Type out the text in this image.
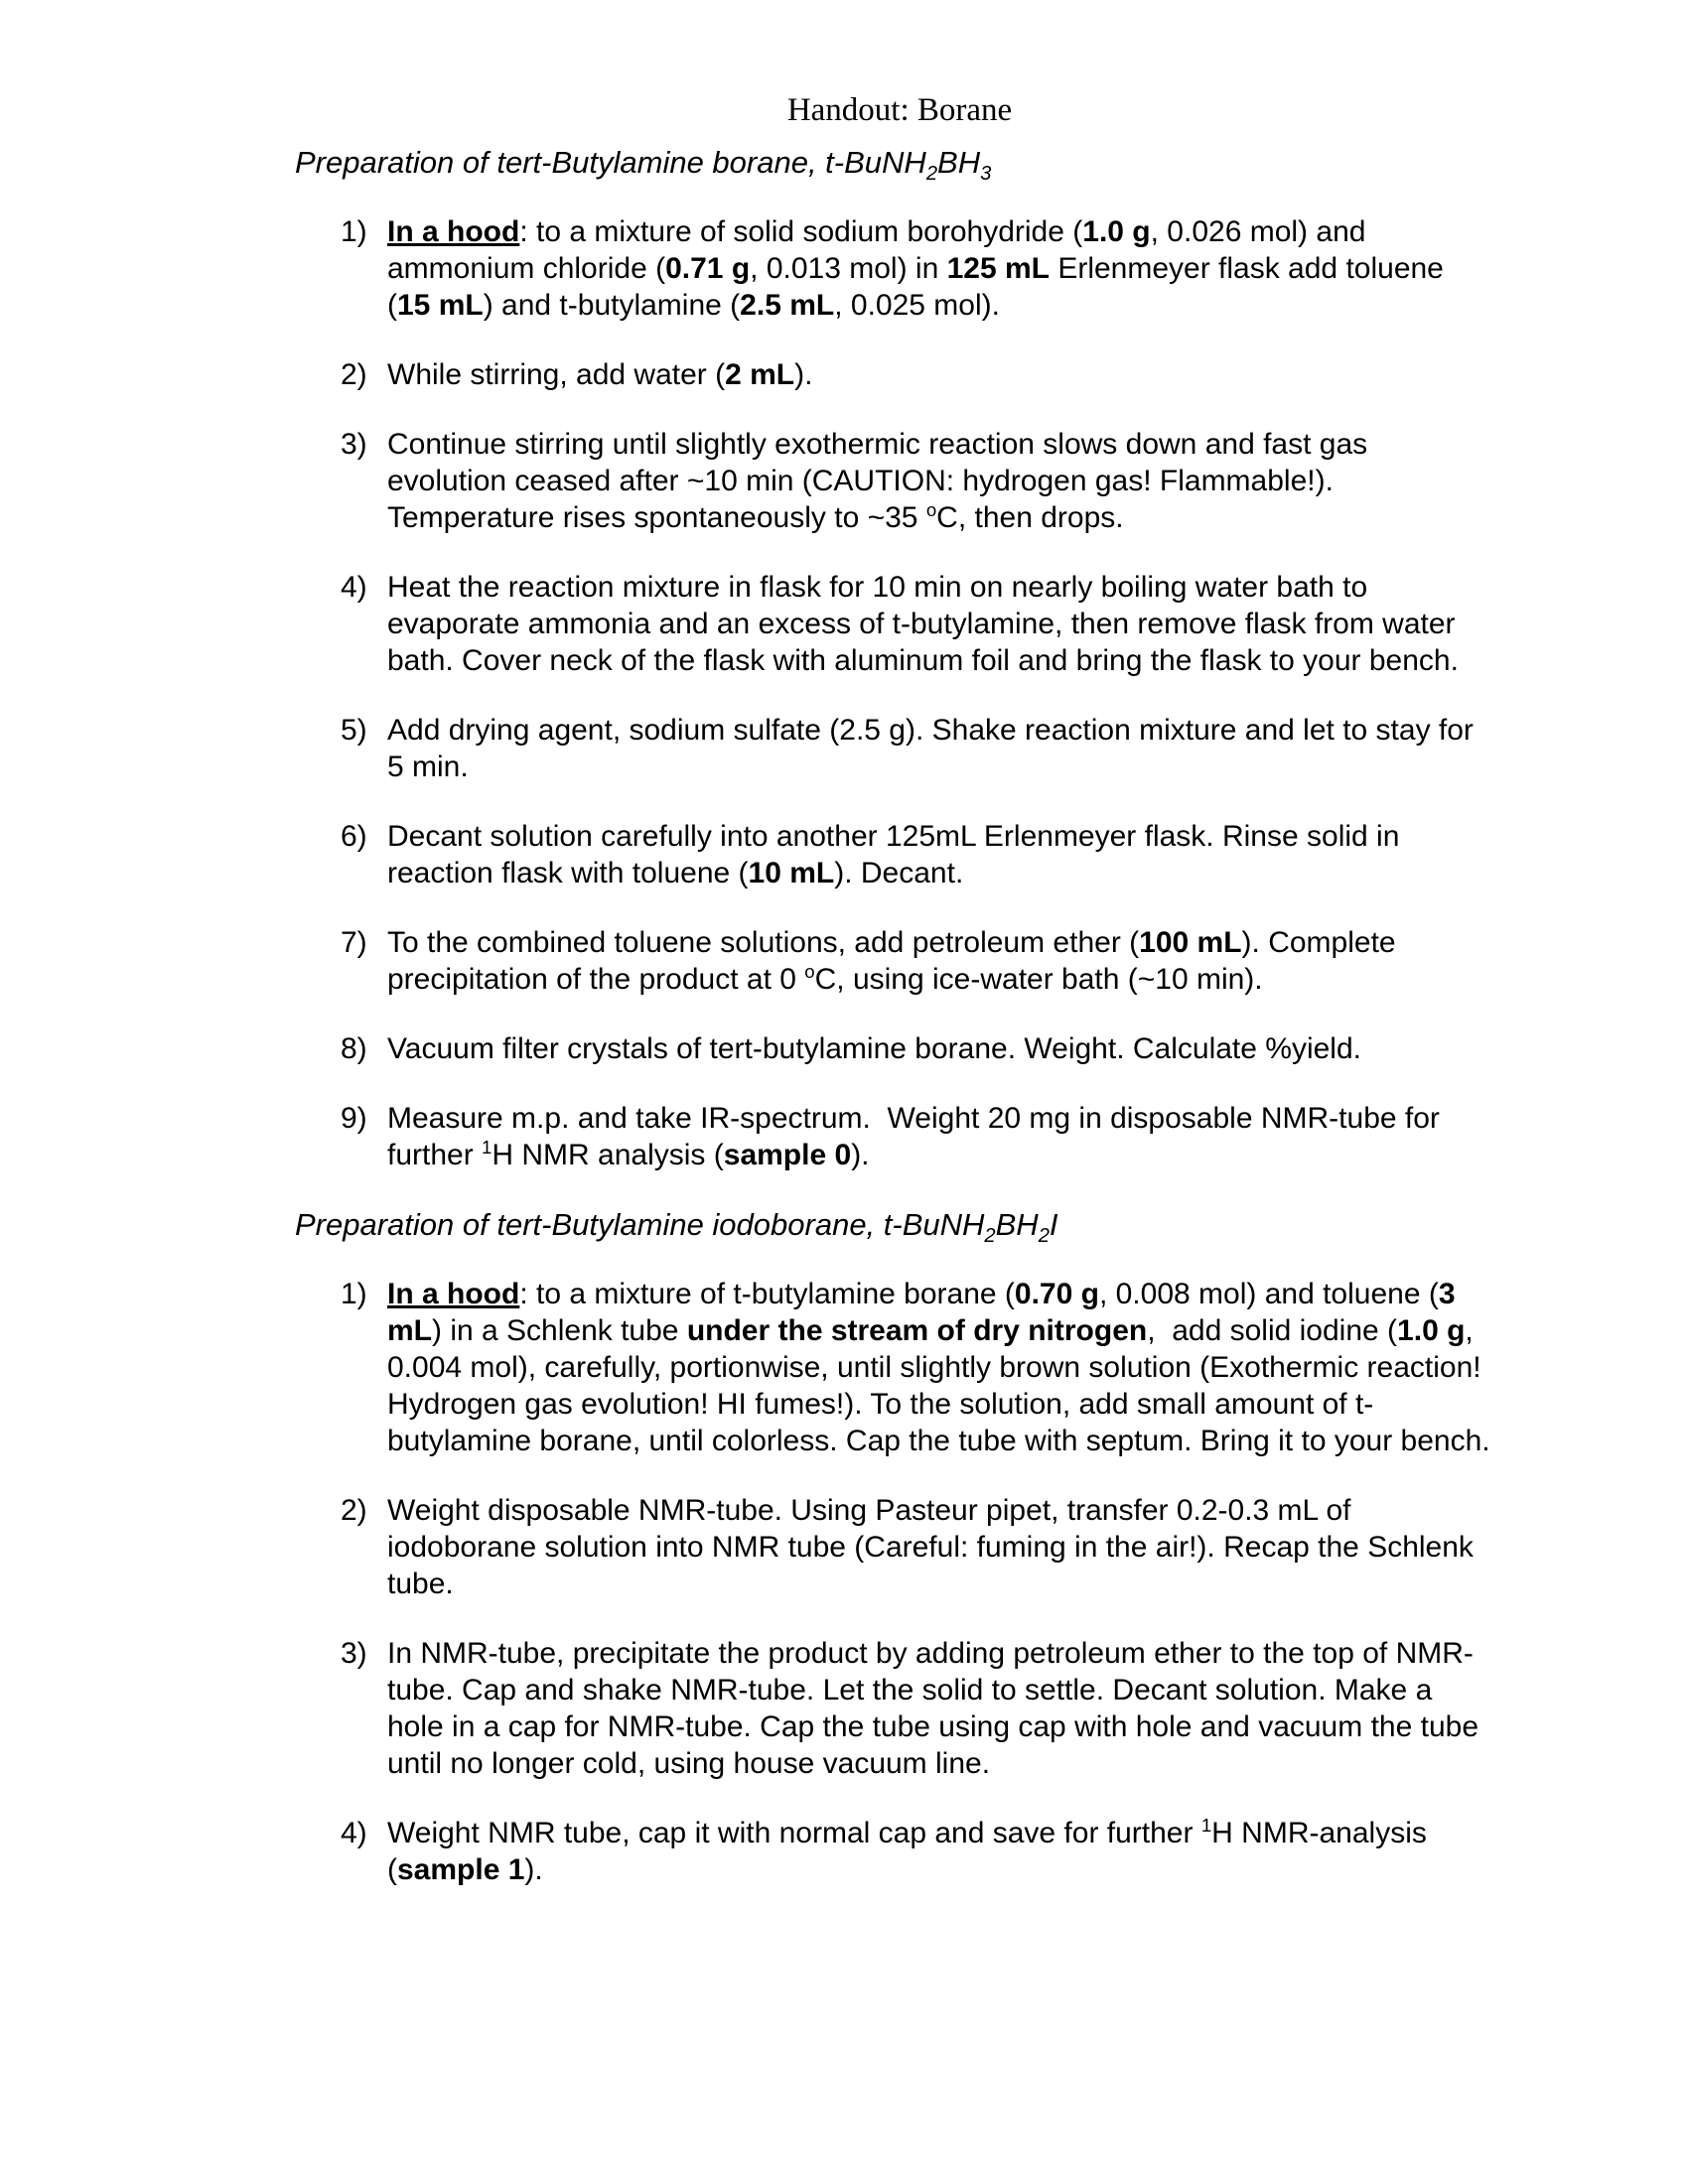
Handout: Borane
Preparation of tert-Butylamine borane, $t-BuNH_2BH_3$
1) In a hood: to a mixture of solid sodium borohydride (1.0 g, 0.026 mol) and ammonium chloride (0.71 g, 0.013 mol) in 125 mL Erlenmeyer flask add toluene (15 mL) and t-butylamine (2.5 mL, 0.025 mol).
2) While stirring, add water (2 mL).
3) Continue stirring until slightly exothermic reaction slows down and fast gas evolution ceased after ~10 min (CAUTION: hydrogen gas! Flammable!). Temperature rises spontaneously to ~35 $^o$C, then drops.
4) Heat the reaction mixture in flask for 10 min on nearly boiling water bath to evaporate ammonia and an excess of t-butylamine, then remove flask from water bath. Cover neck of the flask with aluminum foil and bring the flask to your bench.
5) Add drying agent, sodium sulfate (2.5 g). Shake reaction mixture and let to stay for 5 min.
6) Decant solution carefully into another 125mL Erlenmeyer flask. Rinse solid in reaction flask with toluene (10 mL). Decant.
7) To the combined toluene solutions, add petroleum ether (100 mL). Complete precipitation of the product at 0 $^o$C, using ice-water bath (~10 min).
8) Vacuum filter crystals of tert-butylamine borane. Weight. Calculate %yield.
9) Measure m.p. and take IR-spectrum.  Weight 20 mg in disposable NMR-tube for further $^1$H NMR analysis (sample 0).
Preparation of tert-Butylamine iodoborane, $t-BuNH_2BH_2I$
1) In a hood: to a mixture of t-butylamine borane (0.70 g, 0.008 mol) and toluene (3 mL) in a Schlenk tube under the stream of dry nitrogen,  add solid iodine (1.0 g, 0.004 mol), carefully, portionwise, until slightly brown solution (Exothermic reaction! Hydrogen gas evolution! HI fumes!). To the solution, add small amount of t-butylamine borane, until colorless. Cap the tube with septum. Bring it to your bench.
2) Weight disposable NMR-tube. Using Pasteur pipet, transfer 0.2-0.3 mL of iodoborane solution into NMR tube (Careful: fuming in the air!). Recap the Schlenk tube.
3) In NMR-tube, precipitate the product by adding petroleum ether to the top of NMR-tube. Cap and shake NMR-tube. Let the solid to settle. Decant solution. Make a hole in a cap for NMR-tube. Cap the tube using cap with hole and vacuum the tube until no longer cold, using house vacuum line.
4) Weight NMR tube, cap it with normal cap and save for further $^1$H NMR-analysis (sample 1).
